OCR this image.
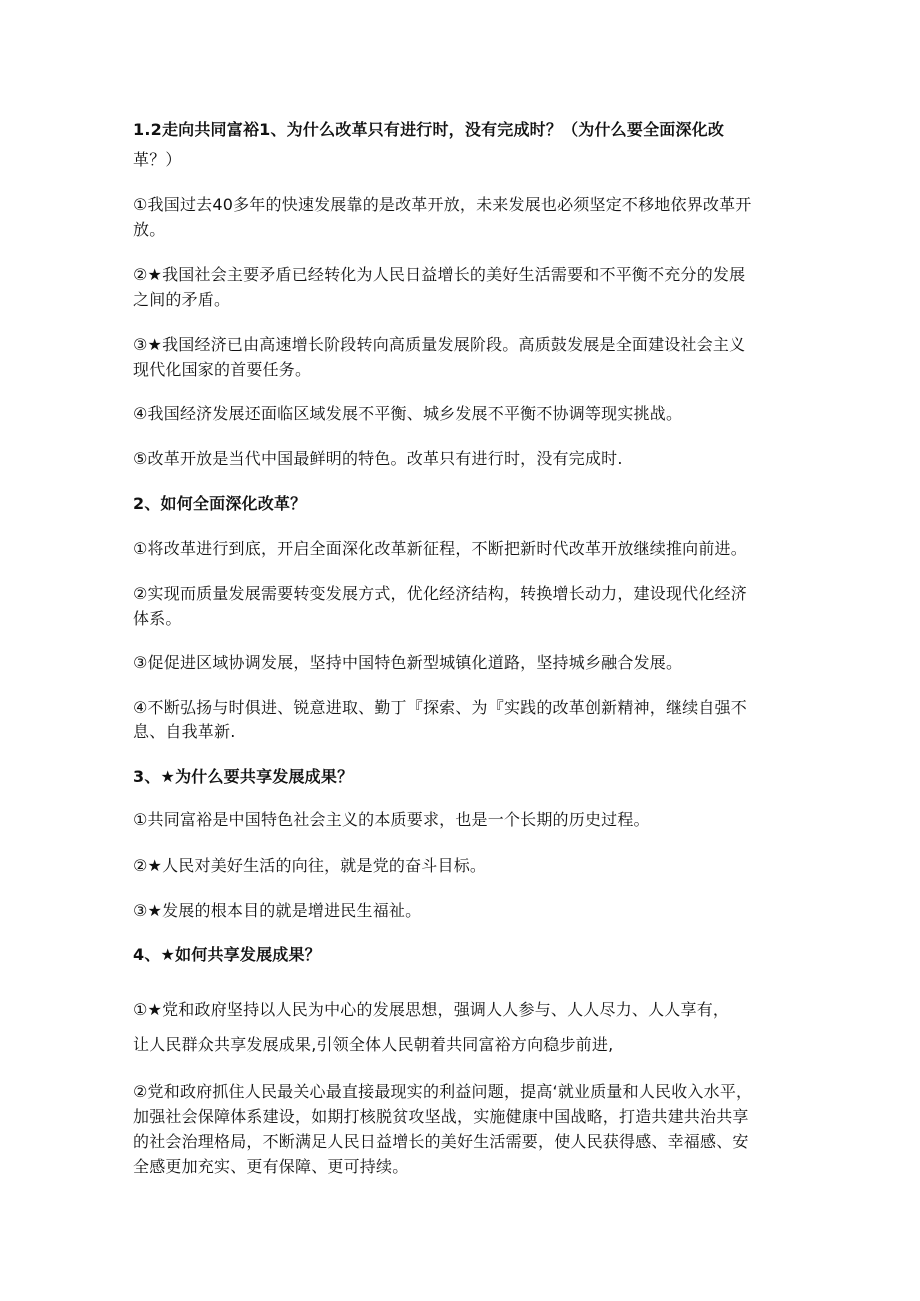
1.2走向共同富裕1、为什么改革只有进行时，没有完成时？（为什么要全面深化改
革？）
①我国过去40多年的快速发展靠的是改革开放，未来发展也必须坚定不移地依界改革开
放。
②★我国社会主要矛盾已经转化为人民日益增长的美好生活需要和不平衡不充分的发展
之间的矛盾。
③★我国经济已由高速增长阶段转向高质量发展阶段。高质鼓发展是全面建设社会主义
现代化国家的首要任务。
④我国经济发展还面临区域发展不平衡、城乡发展不平衡不协调等现实挑战。
⑤改革开放是当代中国最鲜明的特色。改革只有进行时，没有完成时.
2、如何全面深化改革？
①将改革进行到底，开启全面深化改革新征程，不断把新时代改革开放继续推向前进。
②实现而质量发展需要转变发展方式，优化经济结构，转换增长动力，建设现代化经济
体系。
③促促进区域协调发展，坚持中国特色新型城镇化道路，坚持城乡融合发展。
④不断弘扬与时俱进、锐意进取、勤丁『探索、为『实践的改革创新精神，继续自强不
息、自我革新.
3、★为什么要共享发展成果？
①共同富裕是中国特色社会主义的本质要求，也是一个长期的历史过程。
②★人民对美好生活的向往，就是党的奋斗目标。
③★发展的根本目的就是增进民生福祉。
4、★如何共享发展成果？
①★党和政府坚持以人民为中心的发展思想，强调人人参与、人人尽力、人人享有，
让人民群众共享发展成果,引领全体人民朝着共同富裕方向稳步前进,
②党和政府抓住人民最关心最直接最现实的利益问题，提高‘就业质量和人民收入水平，
加强社会保障体系建设，如期打核脱贫攻坚战，实施健康中国战略，打造共建共治共享
的社会治理格局，不断满足人民日益增长的美好生活需要，使人民获得感、幸福感、安
全感更加充实、更有保障、更可持续。
